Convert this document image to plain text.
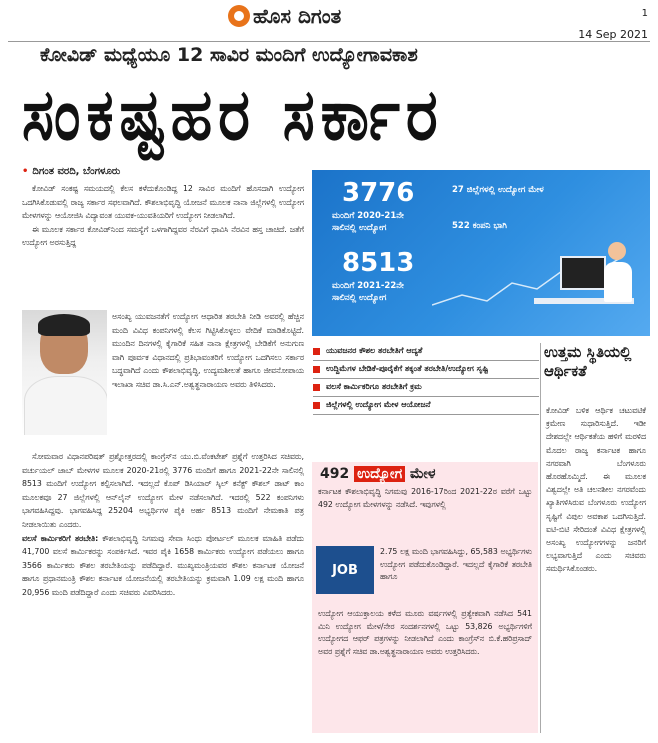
ಹೊಸ ದಿಗಂತ	1
14 Sep 2021
ಕೋವಿಡ್ ಮಧ್ಯೆಯೂ 12 ಸಾವಿರ ಮಂದಿಗೆ ಉದ್ಯೋಗಾವಕಾಶ
ಸಂಕಷ್ಟಹರ ಸರ್ಕಾರ
• ದಿಗಂತ ವರದಿ, ಬೆಂಗಳೂರು

ಕೋವಿಡ್ ಸಂಕಷ್ಟ ಸಮಯದಲ್ಲಿ ಕೆಲಸ ಕಳೆದುಕೊಂಡಿದ್ದ 12 ಸಾವಿರ ಮಂದಿಗೆ ಹೊಸದಾಗಿ ಉದ್ಯೋಗ ಒದಗಿಸಿಕೊಡುವಲ್ಲಿ ರಾಜ್ಯ ಸರ್ಕಾರ ಸಫಲವಾಗಿದೆ. ಕೌಶಲಾಭಿವೃದ್ಧಿ ಯೋಜನೆ ಮೂಲಕ ನಾನಾ ಜಿಲ್ಲೆಗಳಲ್ಲಿ ಉದ್ಯೋಗ ಮೇಳಗಳನ್ನು ಆಯೋಜಿಸಿ ವಿದ್ಯಾವಂತ ಯುವಕ-ಯುವತಿಯರಿಗೆ ಉದ್ಯೋಗ ನೀಡಲಾಗಿದೆ.

ಈ ಮೂಲಕ ಸರ್ಕಾರ ಕೋವಿಡ್‌ನಿಂದ ಸಮಸ್ಯೆಗೆ ಒಳಗಾಗಿದ್ದವರ ನೆರವಿಗೆ ಧಾವಿಸಿ ನೆರವಿನ ಹಸ್ತ ಚಾಚಿದೆ. ಜತೆಗೆ ಉದ್ಯೋಗ ಅರಸುತ್ತಿದ್ದ

ಅಸಂಖ್ಯ ಯುವಜನತೆಗೆ ಉದ್ಯೋಗ ಆಧಾರಿತ ತರಬೇತಿ ನೀಡಿ ಅವರಲ್ಲಿ ಹೆಚ್ಚಿನ ಮಂದಿ ವಿವಿಧ ಕಂಪನಿಗಳಲ್ಲಿ ಕೆಲಸ ಗಿಟ್ಟಿಸಿಕೊಳ್ಳಲು ವೇದಿಕೆ ಮಾಡಿಕೊಟ್ಟಿದೆ. ಮುಂದಿನ ದಿನಗಳಲ್ಲಿ ಕೈಗಾರಿಕೆ ಸಹಿತ ನಾನಾ ಕ್ಷೇತ್ರಗಳಲ್ಲಿ ಬೇಡಿಕೆಗೆ ಅನುಗುಣ ವಾಗಿ ಪೂರ್ವಕ ವಿಧಾನದಲ್ಲಿ ಪ್ರತಿಭಾವಂತರಿಗೆ ಉದ್ಯೋಗ ಒದಗಿಸಲು ಸರ್ಕಾರ ಬದ್ಧವಾಗಿದೆ ಎಂದು ಕೌಶಲಾಭಿವೃದ್ಧಿ, ಉದ್ಯಮಶೀಲತೆ ಹಾಗೂ ಜೀವನೋಪಾಯ ಇಲಾಖಾ ಸಚಿವ ಡಾ.ಸಿ.ಎನ್.ಅಶ್ವತ್ಥನಾರಾಯಣ ಅವರು ತಿಳಿಸಿದರು.

ಸೋಮವಾರ ವಿಧಾನಪರಿಷತ್ ಪ್ರಶ್ನೋತ್ತರದಲ್ಲಿ ಕಾಂಗ್ರೆಸ್‌ನ ಯು.ಬಿ.ವೆಂಕಟೇಶ್ ಪ್ರಶ್ನೆಗೆ ಉತ್ತರಿಸಿದ ಸಚಿವರು, ವರ್ಚುಯಲ್ ಜಾಬ್ ಮೇಳಗಳ ಮೂಲಕ 2020-21ರಲ್ಲಿ 3776 ಮಂದಿಗೆ ಹಾಗೂ 2021-22ನೇ ಸಾಲಿನಲ್ಲಿ 8513 ಮಂದಿಗೆ ಉದ್ಯೋಗ ಕಲ್ಪಿಸಲಾಗಿದೆ. ಇದಲ್ಲದೆ ಕೊಪ್ ಡಿಸಿಯಾರ್ ಸ್ಕಿಲ್ ಕನೆಕ್ಟ್ ಕೌಶಲ್ ಡಾಟ್ ಕಾಂ ಮೂಲಕವೂ 27 ಜಿಲ್ಲೆಗಳಲ್ಲಿ ಆನ್‌ಲೈನ್ ಉದ್ಯೋಗ ಮೇಳ ನಡೆಸಲಾಗಿದೆ. ಇದರಲ್ಲಿ 522 ಕಂಪನಿಗಳು ಭಾಗವಹಿಸಿದ್ದವು. ಭಾಗವಹಿಸಿದ್ದ 25204 ಅಭ್ಯರ್ಥಿಗಳ ಪೈಕಿ ಅರ್ಹ 8513 ಮಂದಿಗೆ ನೇಮಕಾತಿ ಪತ್ರ ನೀಡಲಾಯಿತು ಎಂದರು.

ವಲಸೆ ಕಾರ್ಮಿಕರಿಗೆ ತರಬೇತಿ: ಕೌಶಲಾಭಿವೃದ್ಧಿ ನಿಗಮವು ಸೇವಾ ಸಿಂಧು ಪೋರ್ಟಲ್ ಮೂಲಕ ಮಾಹಿತಿ ಪಡೆದು 41,700 ವಲಸೆ ಕಾರ್ಮಿಕರನ್ನು ಸಂಪರ್ಕಿಸಿದೆ. ಇವರ ಪೈಕಿ 1658 ಕಾರ್ಮಿಕರು ಉದ್ಯೋಗ ಪಡೆಯಲು ಹಾಗೂ 3566 ಕಾರ್ಮಿಕರು ಕೌಶಲ ತರಬೇತಿಯನ್ನು ಪಡೆದಿದ್ದಾರೆ. ಮುಖ್ಯಮಂತ್ರಿಯವರ ಕೌಶಲ ಕರ್ನಾಟಕ ಯೋಜನೆ ಹಾಗೂ ಪ್ರಧಾನಮಂತ್ರಿ ಕೌಶಲ ಕರ್ನಾಟಕ ಯೋಜನೆಯಲ್ಲಿ ತರಬೇತಿಯನ್ನು ಕ್ರಮವಾಗಿ 1.09 ಲಕ್ಷ ಮಂದಿ ಹಾಗೂ 20,956 ಮಂದಿ ಪಡೆದಿದ್ದಾರೆ ಎಂದು ಸಚಿವರು ವಿವರಿಸಿದರು.

3776
ಮಂದಿಗೆ 2020-21ನೇ ಸಾಲಿನಲ್ಲಿ ಉದ್ಯೋಗ
8513
ಮಂದಿಗೆ 2021-22ನೇ ಸಾಲಿನಲ್ಲಿ ಉದ್ಯೋಗ
27 ಜಿಲ್ಲೆಗಳಲ್ಲಿ ಉದ್ಯೋಗ ಮೇಳ
522 ಕಂಪನಿ ಭಾಗಿ
ಯುವಜನರ ಕೌಶಲ ತರಬೇತಿಗೆ ಆದ್ಯತೆ
ಉದ್ದಿಮೆಗಳ ಬೇಡಿಕೆ-ಪೂರೈಕೆಗೆ ತಕ್ಕಂತೆ ತರಬೇತಿ/ಉದ್ಯೋಗ ಸೃಷ್ಟಿ
ವಲಸೆ ಕಾರ್ಮಿಕರಿಗೂ ತರಬೇತಿಗೆ ಕ್ರಮ
ಜಿಲ್ಲೆಗಳಲ್ಲಿ ಉದ್ಯೋಗ ಮೇಳ ಆಯೋಜನೆ
492 ಉದ್ಯೋಗ ಮೇಳ
ಕರ್ನಾಟಕ ಕೌಶಲಾಭಿವೃದ್ಧಿ ನಿಗಮವು 2016-17ರಿಂದ 2021-22ರ ವರೆಗೆ ಒಟ್ಟು 492 ಉದ್ಯೋಗ ಮೇಳಗಳನ್ನು ನಡೆಸಿದೆ. ಇವುಗಳಲ್ಲಿ
JOB
2.75 ಲಕ್ಷ ಮಂದಿ ಭಾಗವಹಿಸಿದ್ದು, 65,583 ಅಭ್ಯರ್ಥಿಗಳು ಉದ್ಯೋಗ ಪಡೆದುಕೊಂಡಿದ್ದಾರೆ. ಇದಲ್ಲದೆ ಕೈಗಾರಿಕೆ ತರಬೇತಿ ಹಾಗೂ
ಉದ್ಯೋಗ ಆಯುಕ್ತಾಲಯ ಕಳೆದ ಮೂರು ವರ್ಷಗಳಲ್ಲಿ ಪ್ರತ್ಯೇಕವಾಗಿ ನಡೆಸಿದ 541 ಮಿನಿ ಉದ್ಯೋಗ ಮೇಳ/ನೇರ ಸಂದರ್ಶನಗಳಲ್ಲಿ ಒಟ್ಟು 53,826 ಅಭ್ಯರ್ಥಿಗಳಿಗೆ ಉದ್ಯೋಗದ ಆಫರ್ ಪತ್ರಗಳನ್ನು ನೀಡಲಾಗಿದೆ ಎಂದು ಕಾಂಗ್ರೆಸ್‌ನ ಬಿ.ಕೆ.ಹರಿಪ್ರಸಾದ್ ಅವರ ಪ್ರಶ್ನೆಗೆ ಸಚಿವ ಡಾ.ಅಶ್ವತ್ಥನಾರಾಯಣ ಅವರು ಉತ್ತರಿಸಿದರು.
ಉತ್ತಮ ಸ್ಥಿತಿಯಲ್ಲಿ ಆರ್ಥಿಕತೆ
ಕೋವಿಡ್ ಬಳಿಕ ಆರ್ಥಿಕ ಚಟುವಟಿಕೆ ಕ್ರಮೇಣ ಸುಧಾರಿಸುತ್ತಿದೆ. ಇಡೀ ದೇಶದಲ್ಲೇ ಆರ್ಥಿಕತೆಯ ಹಳಿಗೆ ಮರಳಿದ ಮೊದಲ ರಾಜ್ಯ ಕರ್ನಾಟಕ ಹಾಗೂ ನಗರವಾಗಿ ಬೆಂಗಳೂರು ಹೊರಹೊಮ್ಮಿದೆ. ಈ ಮೂಲಕ ವಿಶ್ವದಲ್ಲೇ ಅತಿ ಚಲನಶೀಲ ನಗರವೆಂದು ಖ್ಯಾತಿಗಳಿಸಿರುವ ಬೆಂಗಳೂರು ಉದ್ಯೋಗ ಸೃಷ್ಟಿಗೆ ವಿಪುಲ ಅವಕಾಶ ಒದಗಿಸುತ್ತಿದೆ. ಐಟಿ-ಬಿಟಿ ಸೇರಿದಂತೆ ವಿವಿಧ ಕ್ಷೇತ್ರಗಳಲ್ಲಿ ಅಸಂಖ್ಯ ಉದ್ಯೋಗಗಳನ್ನು ಜನರಿಗೆ ಲಭ್ಯವಾಗುತ್ತಿದೆ ಎಂದು ಸಚಿವರು ಸಮರ್ಥಿಸಿಕೊಂಡರು.
